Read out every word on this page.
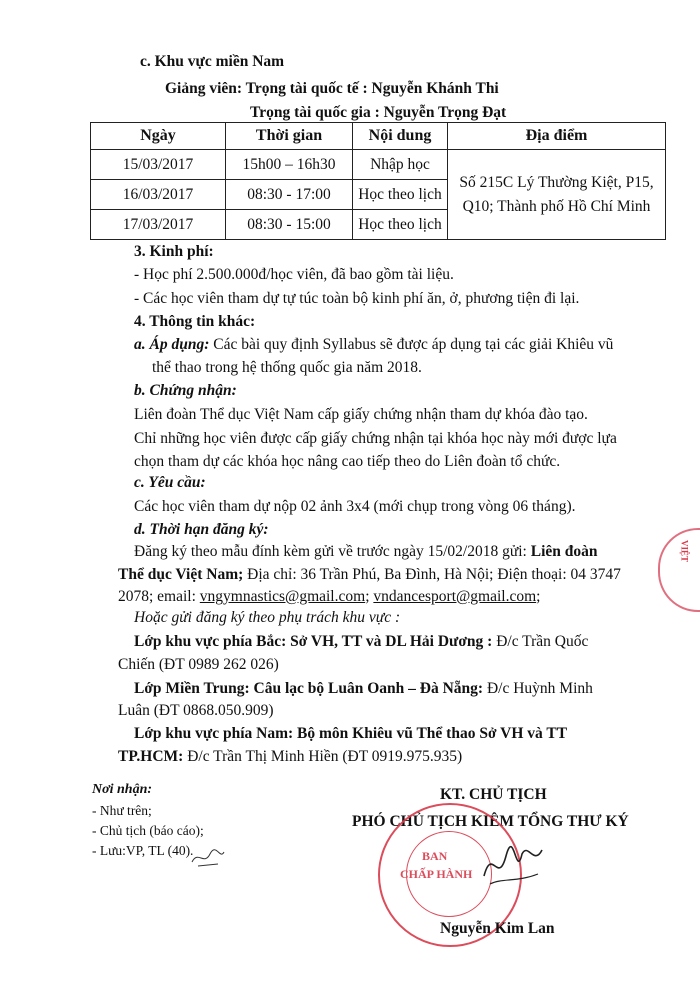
c. Khu vực miền Nam
Giảng viên: Trọng tài quốc tế : Nguyễn Khánh Thi
Trọng tài quốc gia : Nguyễn Trọng Đạt
Ngày	Thời gian	Nội dung	Địa điểm
15/03/2017	15h00 – 16h30	Nhập học	Số 215C Lý Thường Kiệt, P15,
Q10; Thành phố Hồ Chí Minh

16/03/2017	08:30 - 17:00	Học theo lịch	
17/03/2017	08:30 - 15:00	Học theo lịch	
3. Kinh phí:
- Học phí 2.500.000đ/học viên, đã bao gồm tài liệu.
- Các học viên tham dự tự túc toàn bộ kinh phí ăn, ở, phương tiện đi lại.
4. Thông tin khác:
a. Áp dụng: Các bài quy định Syllabus sẽ được áp dụng tại các giải Khiêu vũ
thể thao trong hệ thống quốc gia năm 2018.
b. Chứng nhận:
Liên đoàn Thể dục Việt Nam cấp giấy chứng nhận tham dự khóa đào tạo.
Chỉ những học viên được cấp giấy chứng nhận tại khóa học này mới được lựa
chọn tham dự các khóa học nâng cao tiếp theo do Liên đoàn tổ chức.
c. Yêu cầu:
Các học viên tham dự nộp 02 ảnh 3x4 (mới chụp trong vòng 06 tháng).
d. Thời hạn đăng ký:
Đăng ký theo mẫu đính kèm gửi về trước ngày 15/02/2018 gửi: Liên đoàn
Thể dục Việt Nam; Địa chỉ: 36 Trần Phú, Ba Đình, Hà Nội; Điện thoại: 04 3747
2078; email: vngymnastics@gmail.com; vndancesport@gmail.com;
Hoặc gửi đăng ký theo phụ trách khu vực :
Lớp khu vực phía Bắc: Sở VH, TT và DL Hải Dương : Đ/c Trần Quốc
Chiến (ĐT 0989 262 026)
Lớp Miền Trung: Câu lạc bộ Luân Oanh – Đà Nẵng: Đ/c Huỳnh Minh
Luân (ĐT 0868.050.909)
Lớp khu vực phía Nam: Bộ môn Khiêu vũ Thể thao Sở VH và TT
TP.HCM: Đ/c Trần Thị Minh Hiền (ĐT 0919.975.935)
Nơi nhận:
- Như trên;
- Chủ tịch (báo cáo);
- Lưu:VP, TL (40).
KT. CHỦ TỊCH
PHÓ CHỦ TỊCH KIÊM TỔNG THƯ KÝ
BAN
CHẤP HÀNH
Nguyễn Kim Lan
VIỆT
